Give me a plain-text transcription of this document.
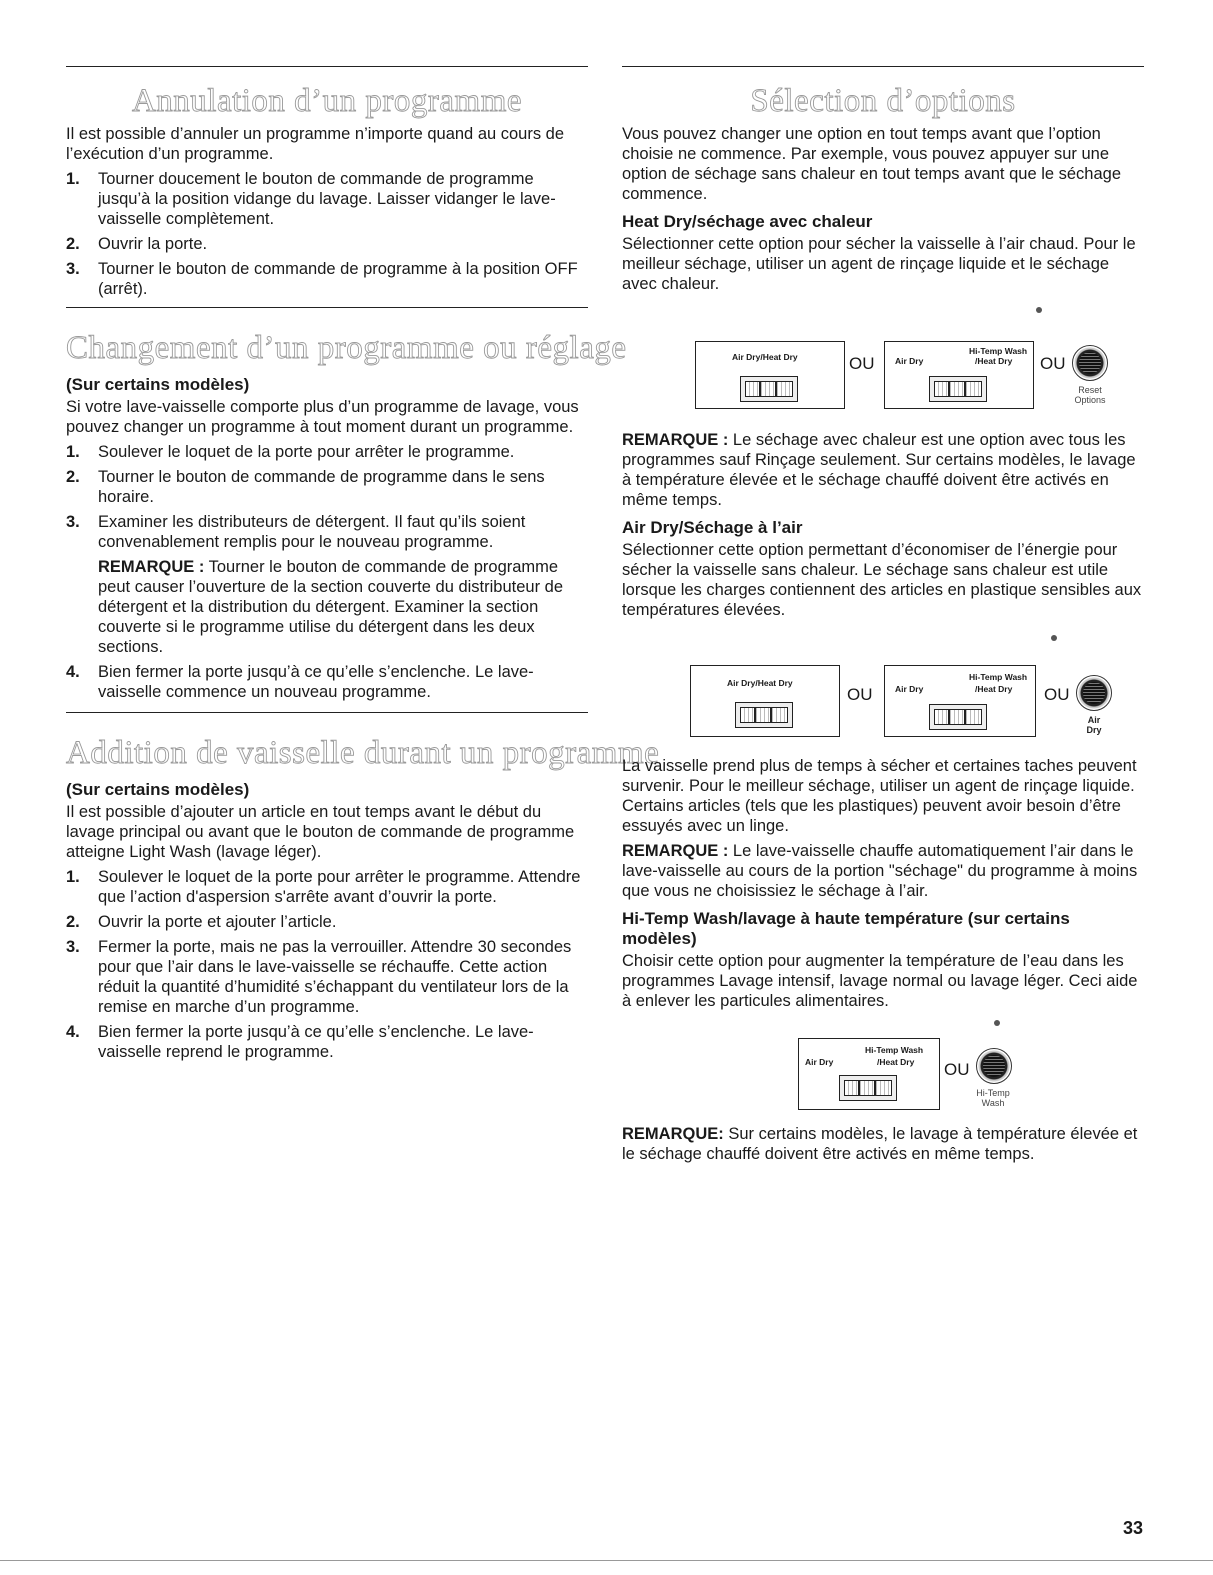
Annulation d’un programme

Il est possible d’annuler un programme n’importe quand au cours de l’exécution d’un programme.

1. Tourner doucement le bouton de commande de programme jusqu’à la position vidange du lavage. Laisser vidanger le lave-vaisselle complètement.
2. Ouvrir la porte.
3. Tourner le bouton de commande de programme à la position OFF (arrêt).
Changement d’un programme ou réglage
(Sur certains modèles)

Si votre lave-vaisselle comporte plus d’un programme de lavage, vous pouvez changer un programme à tout moment durant un programme.

1. Soulever le loquet de la porte pour arrêter le programme.
2. Tourner le bouton de commande de programme dans le sens horaire.
3. Examiner les distributeurs de détergent. Il faut qu’ils soient convenablement remplis pour le nouveau programme.
REMARQUE : Tourner le bouton de commande de programme peut causer l’ouverture de la section couverte du distributeur de détergent et la distribution du détergent. Examiner la section couverte si le programme utilise du détergent dans les deux sections.
4. Bien fermer la porte jusqu’à ce qu’elle s’enclenche. Le lave-vaisselle commence un nouveau programme.
Addition de vaisselle durant un programme
(Sur certains modèles)

Il est possible d’ajouter un article en tout temps avant le début du lavage principal ou avant que le bouton de commande de programme atteigne Light Wash (lavage léger).

1. Soulever le loquet de la porte pour arrêter le programme. Attendre que l’action d'aspersion s'arrête avant d’ouvrir la porte.
2. Ouvrir la porte et ajouter l’article.
3. Fermer la porte, mais ne pas la verrouiller. Attendre 30 secondes pour que l’air dans le lave-vaisselle se réchauffe. Cette action réduit la quantité d’humidité s’échappant du ventilateur lors de la remise en marche d’un programme.
4. Bien fermer la porte jusqu’à ce qu’elle s’enclenche. Le lave-vaisselle reprend le programme.
Sélection d’options

Vous pouvez changer une option en tout temps avant que l’option choisie ne commence. Par exemple, vous pouvez appuyer sur une option de séchage sans chaleur en tout temps avant que le séchage commence.

Heat Dry/séchage avec chaleur

Sélectionner cette option pour sécher la vaisselle à l’air chaud. Pour le meilleur séchage, utiliser un agent de rinçage liquide et le séchage avec chaleur.

Air Dry/Heat Dry	OU
Hi-Temp Wash
Air Dry	/Heat Dry OU
Reset
Options

REMARQUE : Le séchage avec chaleur est une option avec tous les programmes sauf Rinçage seulement. Sur certains modèles, le lavage à température élevée et le séchage chauffé doivent être activés en même temps.

Air Dry/Séchage à l’air

Sélectionner cette option permettant d’économiser de l’énergie pour sécher la vaisselle sans chaleur. Le séchage sans chaleur est utile lorsque les charges contiennent des articles en plastique sensibles aux températures élevées.

Air Dry/Heat Dry
OU
Hi-Temp Wash
Air Dry	/Heat Dry OU
Air
Dry

La vaisselle prend plus de temps à sécher et certaines taches peuvent survenir. Pour le meilleur séchage, utiliser un agent de rinçage liquide. Certains articles (tels que les plastiques) peuvent avoir besoin d’être essuyés avec un linge.

REMARQUE : Le lave-vaisselle chauffe automatiquement l’air dans le lave-vaisselle au cours de la portion "séchage" du programme à moins que vous ne choisissiez le séchage à l’air.

Hi-Temp Wash/lavage à haute température (sur certains modèles)

Choisir cette option pour augmenter la température de l’eau dans les programmes Lavage intensif, lavage normal ou lavage léger. Ceci aide à enlever les particules alimentaires.

Hi-Temp Wash
Air Dry	/Heat Dry OU
Hi-Temp
Wash

REMARQUE: Sur certains modèles, le lavage à température élevée et le séchage chauffé doivent être activés en même temps.

33
